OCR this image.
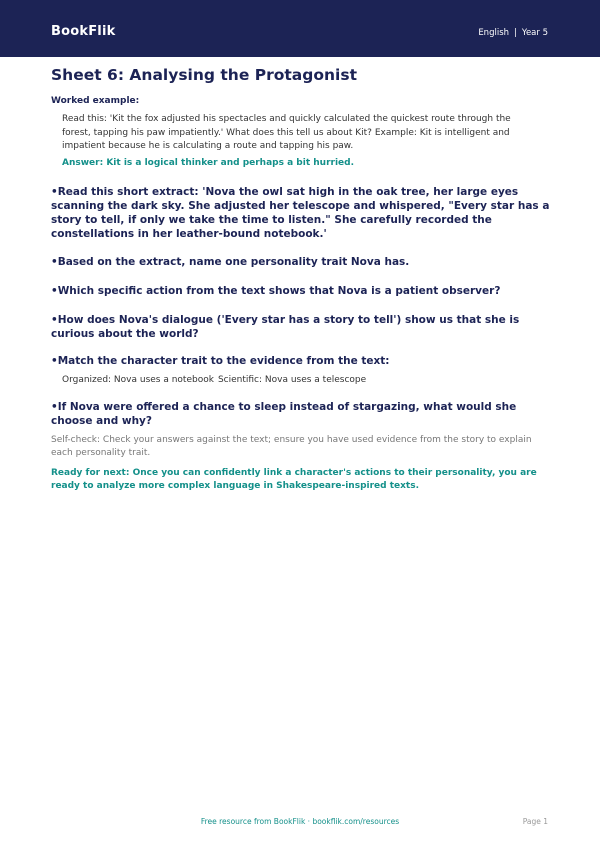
BookFlik	English | Year 5
Sheet 6: Analysing the Protagonist
Worked example:
Read this: 'Kit the fox adjusted his spectacles and quickly calculated the quickest route through the forest, tapping his paw impatiently.' What does this tell us about Kit? Example: Kit is intelligent and impatient because he is calculating a route and tapping his paw.
Answer: Kit is a logical thinker and perhaps a bit hurried.
•Read this short extract: 'Nova the owl sat high in the oak tree, her large eyes scanning the dark sky. She adjusted her telescope and whispered, "Every star has a story to tell, if only we take the time to listen." She carefully recorded the constellations in her leather-bound notebook.'
•Based on the extract, name one personality trait Nova has.
•Which specific action from the text shows that Nova is a patient observer?
•How does Nova's dialogue ('Every star has a story to tell') show us that she is curious about the world?
•Match the character trait to the evidence from the text:
Organized: Nova uses a notebook Scientific: Nova uses a telescope
•If Nova were offered a chance to sleep instead of stargazing, what would she choose and why?
Self-check: Check your answers against the text; ensure you have used evidence from the story to explain each personality trait.
Ready for next: Once you can confidently link a character's actions to their personality, you are ready to analyze more complex language in Shakespeare-inspired texts.
Free resource from BookFlik · bookflik.com/resources	Page 1
